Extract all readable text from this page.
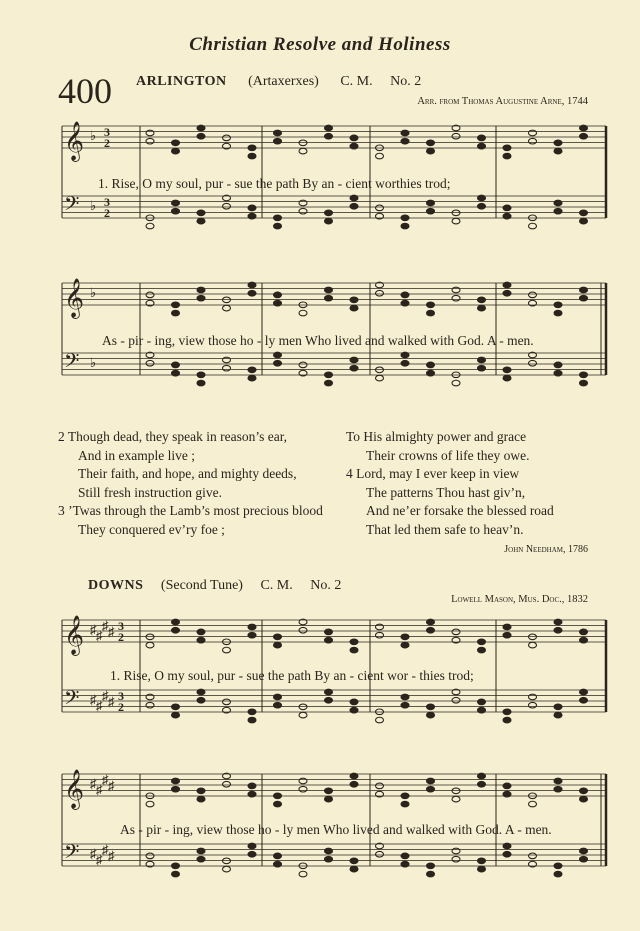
Christian Resolve and Holiness
400 ARLINGTON (Artaxerxes) C. M. No. 2
Arr. from Thomas Augustine Arne, 1744
𝄞 ♭ 3
2
𝄢 ♭ 3
2
1. Rise, O my soul, pur - sue the path By an - cient worthies trod;
𝄞 ♭
𝄢 ♭
As - pir - ing, view those ho - ly men Who lived and walked with God. A - men.
2 Though dead, they speak in reason’s ear,
And in example live ;
Their faith, and hope, and mighty deeds,
Still fresh instruction give.
3 ’Twas through the Lamb’s most precious blood
They conquered ev’ry foe ;
To His almighty power and grace
Their crowns of life they owe.
4 Lord, may I ever keep in view
The patterns Thou hast giv’n,
And ne’er forsake the blessed road
That led them safe to heav’n.
John Needham, 1786
DOWNS (Second Tune) C. M. No. 2
Lowell Mason, Mus. Doc., 1832
𝄞 ♯ ♯
♯ ♯ 3
2
𝄢 ♯ ♯
♯ ♯ 3
2
1. Rise, O my soul, pur - sue the path By an - cient wor - thies trod;
𝄞 ♯ ♯
♯ ♯
𝄢 ♯ ♯
♯ ♯
As - pir - ing, view those ho - ly men Who lived and walked with God. A - men.
